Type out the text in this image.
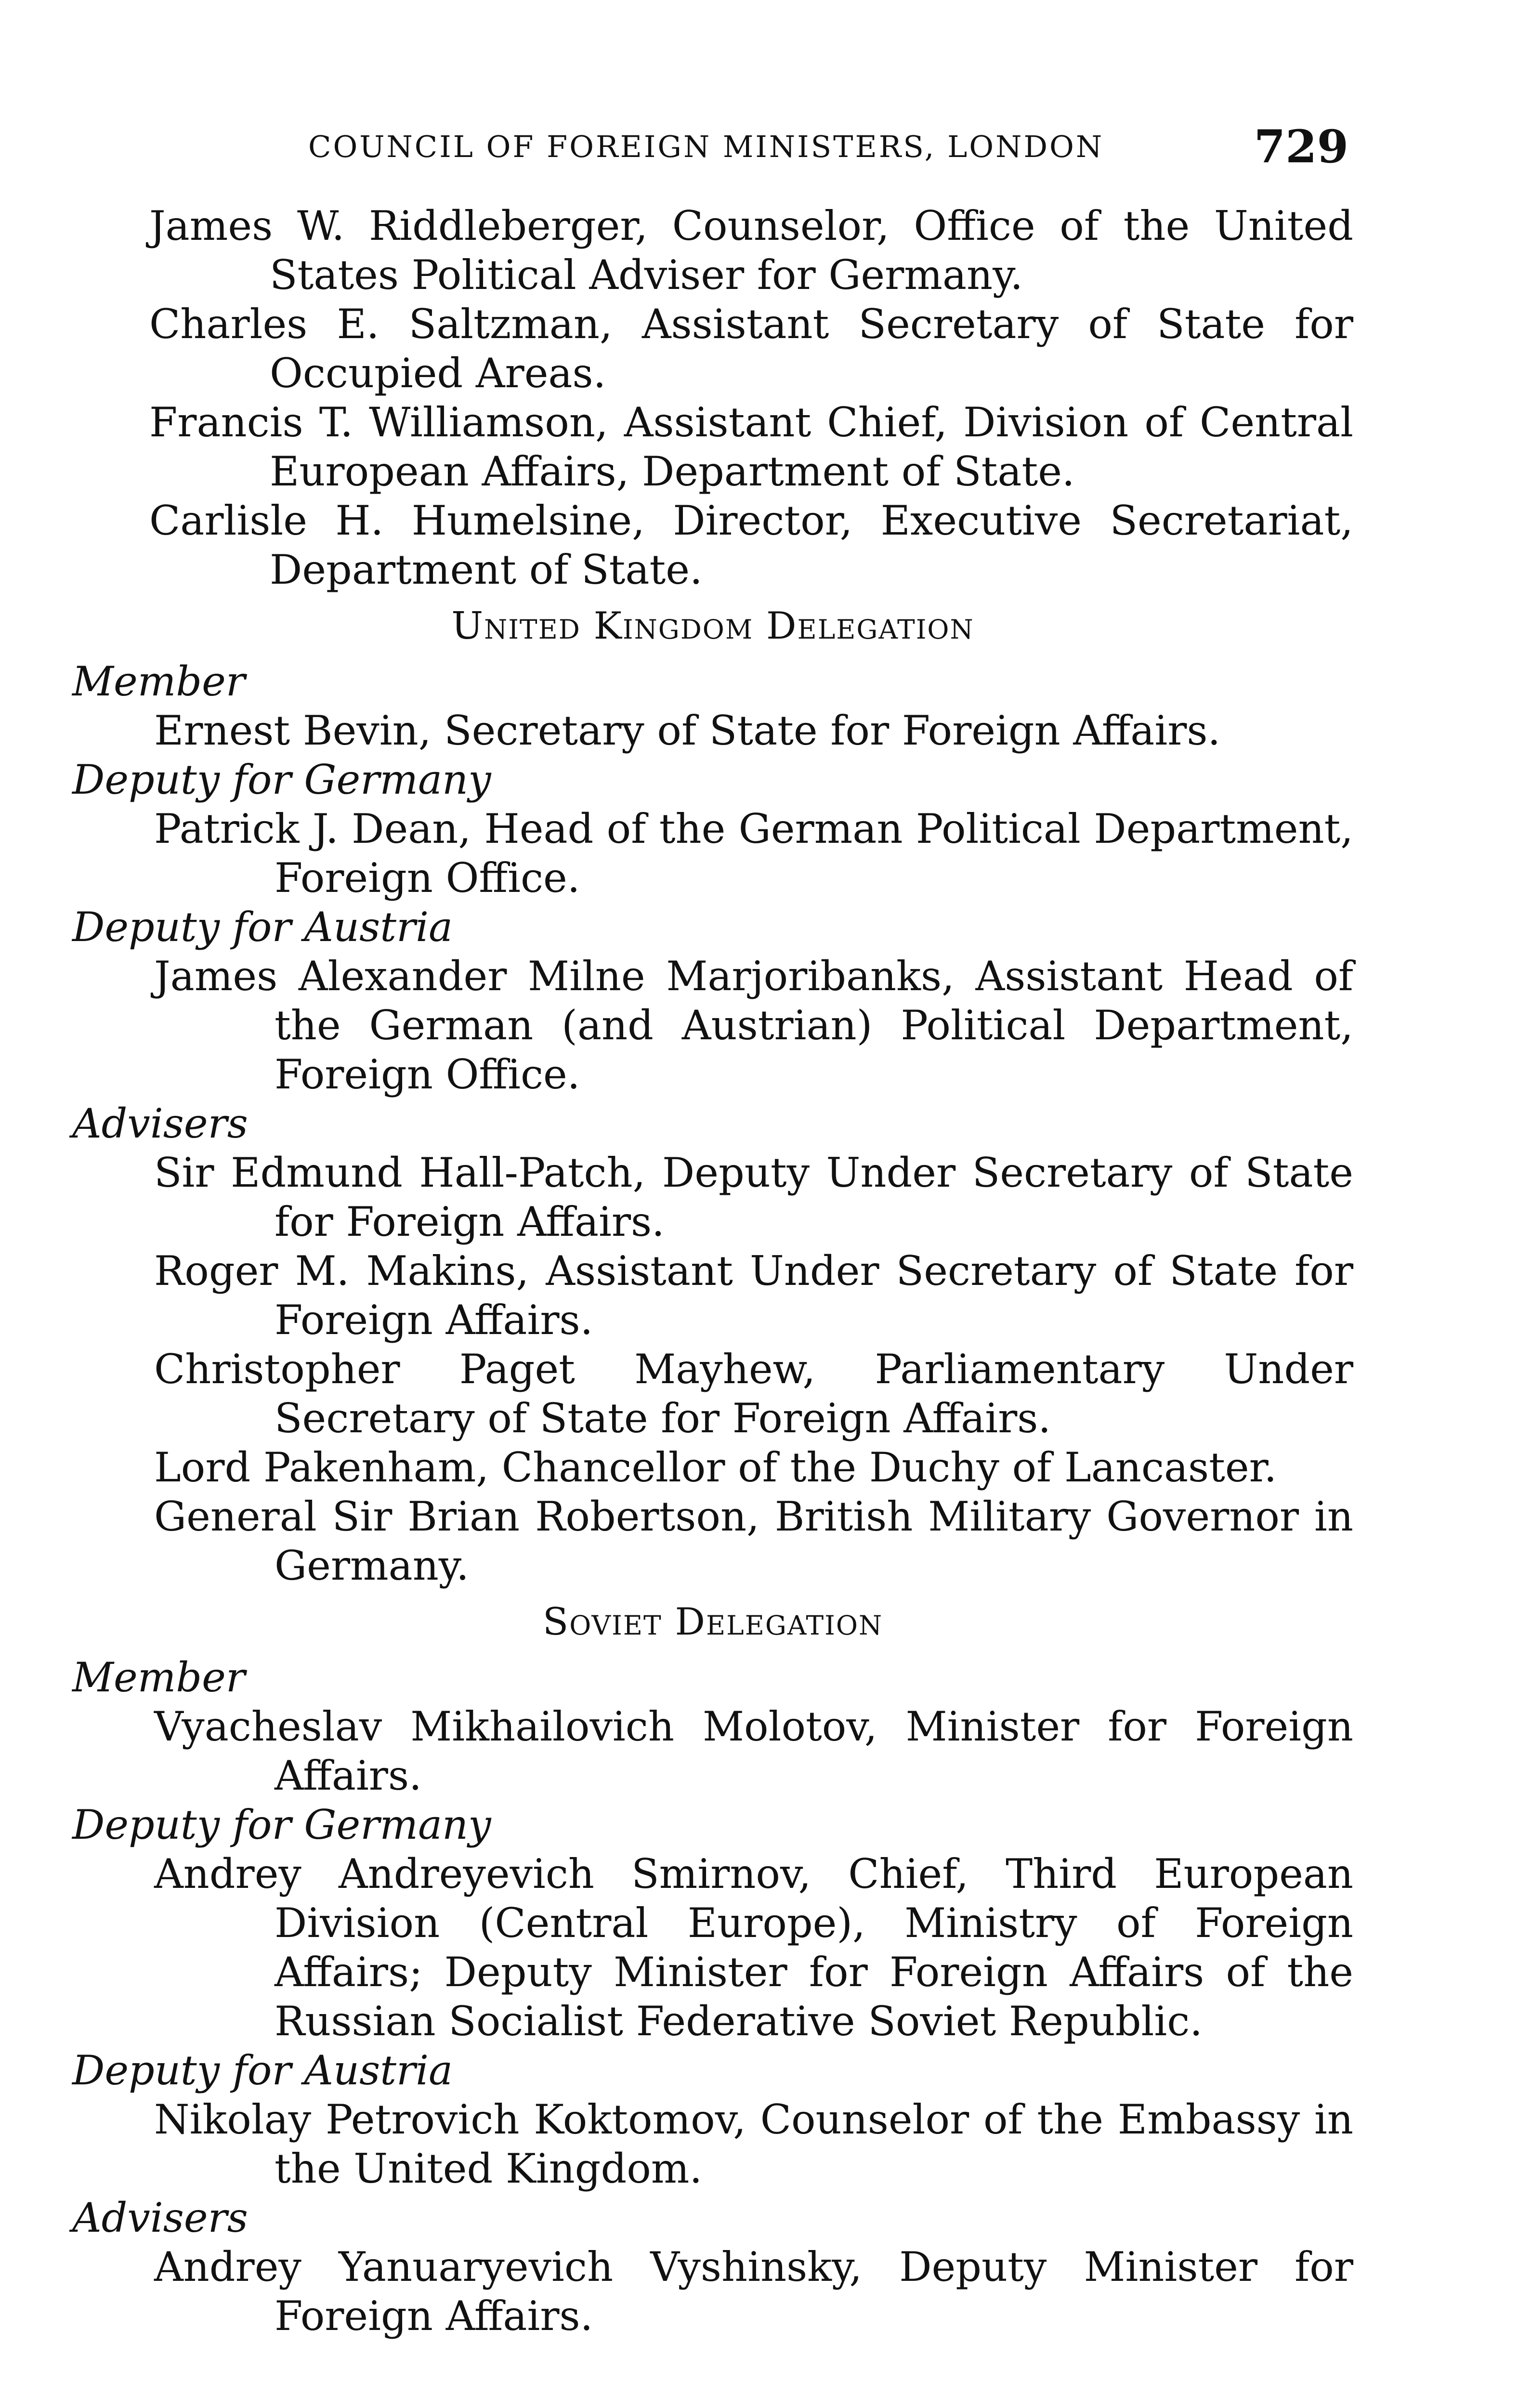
COUNCIL OF FOREIGN MINISTERS, LONDON	729

James W. Riddleberger, Counselor, Office of the United States Political Adviser for Germany.

Charles E. Saltzman, Assistant Secretary of State for Occupied Areas.

Francis T. Williamson, Assistant Chief, Division of Central European Affairs, Department of State.

Carlisle H. Humelsine, Director, Executive Secretariat, Department of State.

United Kingdom Delegation
Member

Ernest Bevin, Secretary of State for Foreign Affairs.

Deputy for Germany

Patrick J. Dean, Head of the German Political Department, Foreign Office.

Deputy for Austria

James Alexander Milne Marjoribanks, Assistant Head of the German (and Austrian) Political Department, Foreign Office.

Advisers

Sir Edmund Hall-Patch, Deputy Under Secretary of State for Foreign Affairs.

Roger M. Makins, Assistant Under Secretary of State for Foreign Affairs.

Christopher Paget Mayhew, Parliamentary Under Secretary of State for Foreign Affairs.

Lord Pakenham, Chancellor of the Duchy of Lancaster.

General Sir Brian Robertson, British Military Governor in Germany.

Soviet Delegation
Member

Vyacheslav Mikhailovich Molotov, Minister for Foreign Affairs.

Deputy for Germany

Andrey Andreyevich Smirnov, Chief, Third European Division (Central Europe), Ministry of Foreign Affairs; Deputy Minister for Foreign Affairs of the Russian Socialist Federative Soviet Republic.

Deputy for Austria

Nikolay Petrovich Koktomov, Counselor of the Embassy in the United Kingdom.

Advisers

Andrey Yanuaryevich Vyshinsky, Deputy Minister for Foreign Affairs.
